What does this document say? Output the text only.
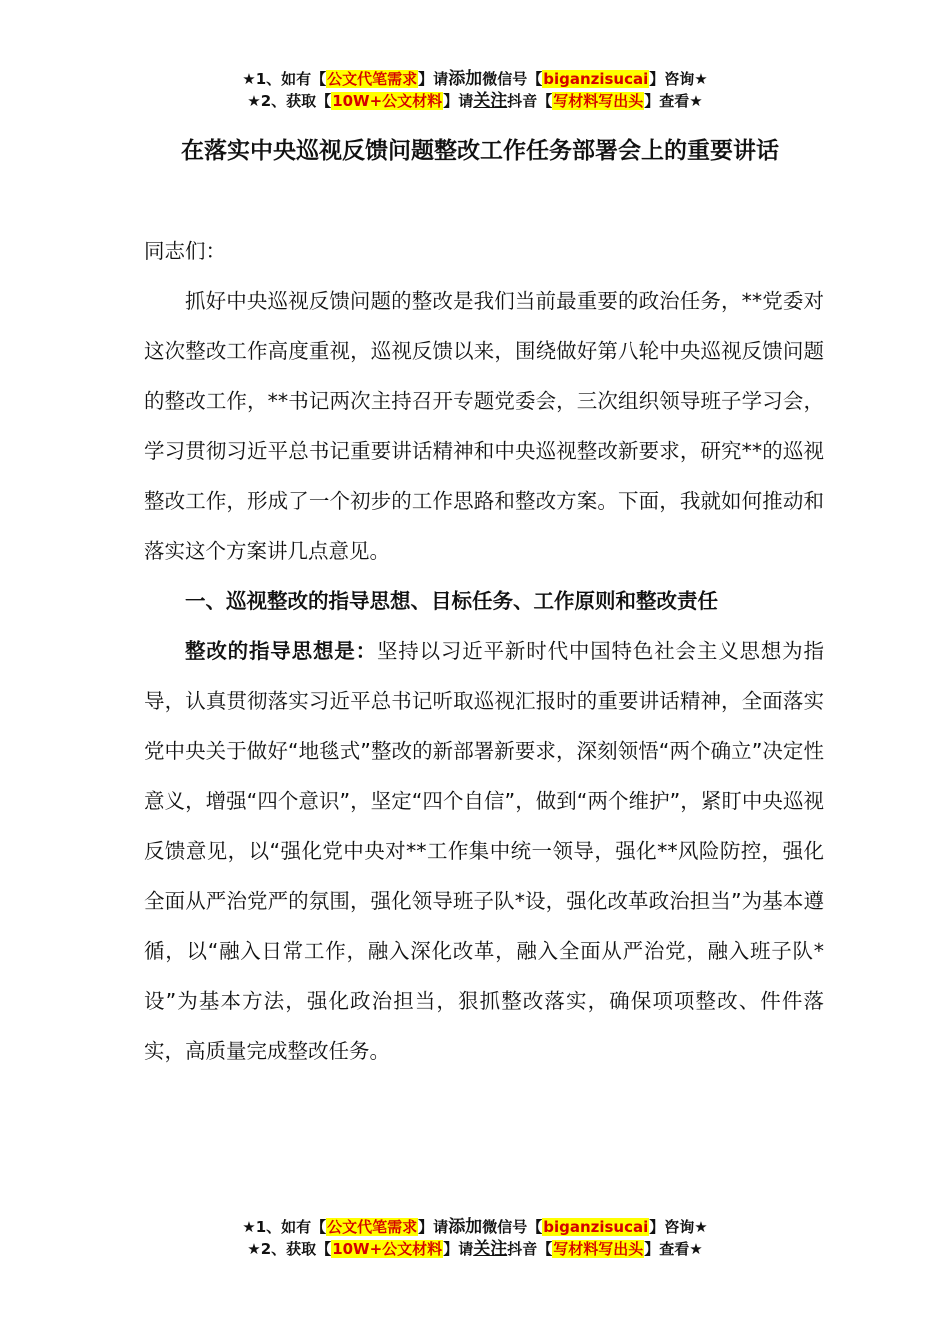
★1、如有【公文代笔需求】请添加微信号【biganzisucai】咨询★
★2、获取【10W+公文材料】请关注抖音【写材料写出头】查看★
在落实中央巡视反馈问题整改工作任务部署会上的重要讲话

同志们：

抓好中央巡视反馈问题的整改是我们当前最重要的政治任务，**党委对这次整改工作高度重视，巡视反馈以来，围绕做好第八轮中央巡视反馈问题的整改工作，**书记两次主持召开专题党委会，三次组织领导班子学习会，学习贯彻习近平总书记重要讲话精神和中央巡视整改新要求，研究**的巡视整改工作，形成了一个初步的工作思路和整改方案。下面，我就如何推动和落实这个方案讲几点意见。

一、巡视整改的指导思想、目标任务、工作原则和整改责任

整改的指导思想是：坚持以习近平新时代中国特色社会主义思想为指导，认真贯彻落实习近平总书记听取巡视汇报时的重要讲话精神，全面落实党中央关于做好“地毯式”整改的新部署新要求，深刻领悟“两个确立”决定性意义，增强“四个意识”，坚定“四个自信”，做到“两个维护”，紧盯中央巡视反馈意见，以“强化党中央对**工作集中统一领导，强化**风险防控，强化全面从严治党严的氛围，强化领导班子队*设，强化改革政治担当”为基本遵循，以“融入日常工作，融入深化改革，融入全面从严治党，融入班子队*设”为基本方法，强化政治担当，狠抓整改落实，确保项项整改、件件落实，高质量完成整改任务。

★1、如有【公文代笔需求】请添加微信号【biganzisucai】咨询★
★2、获取【10W+公文材料】请关注抖音【写材料写出头】查看★
